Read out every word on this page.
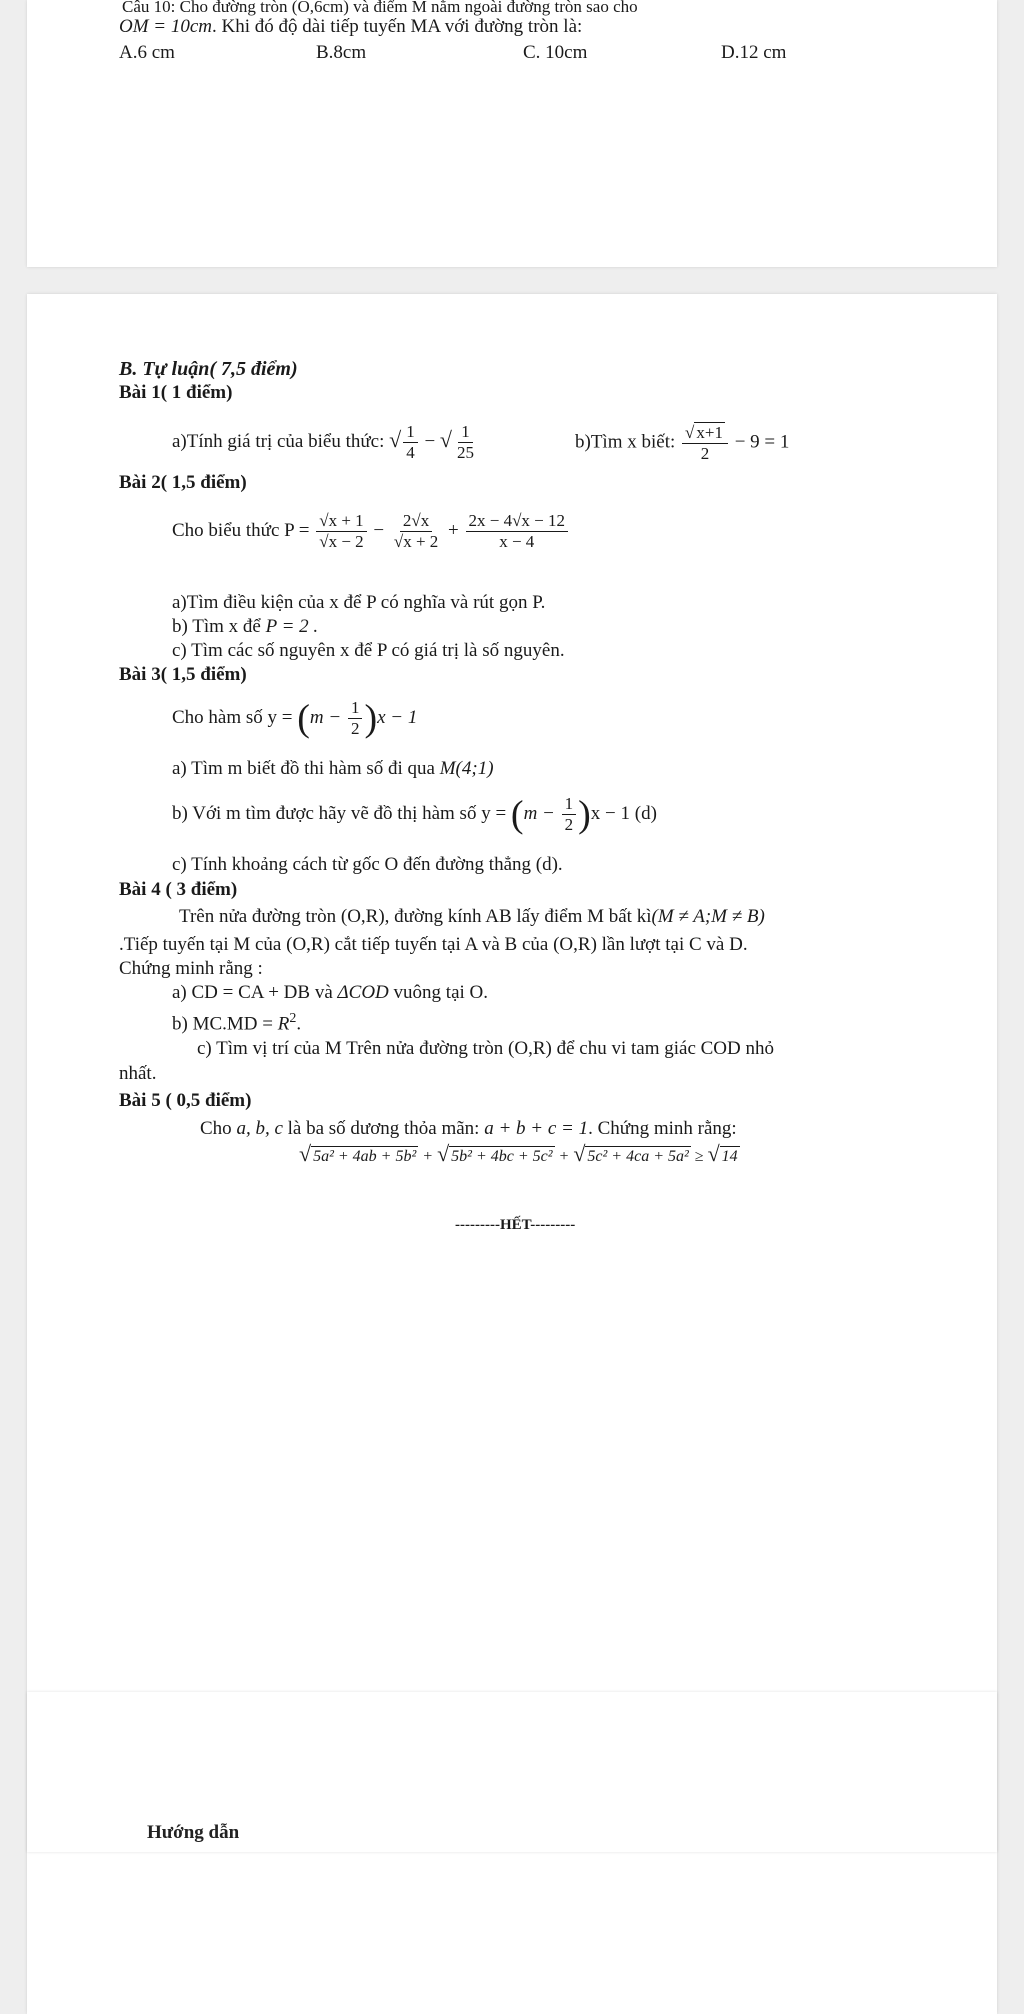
Câu 10: Cho đường tròn (O,6cm) và điểm M nằm ngoài đường tròn sao cho
OM = 10cm. Khi đó độ dài tiếp tuyến MA với đường tròn là:
A.6 cm	B.8cm	C. 10cm	D.12 cm
B. Tự luận( 7,5 điểm)
Bài 1( 1 điểm)
a)Tính giá trị của biểu thức: √ $\frac{1}{4}$ − √ $\frac{1}{25}$	b)Tìm x biết: $\frac{√ x+1}{2} - 9 = 1$
Bài 2( 1,5 điểm)
Cho biểu thức $P = \frac{√x + 1}{√x - 2} - \frac{2√x}{√x + 2} + \frac{2x - 4√x - 12}{x - 4}$
a)Tìm điều kiện của x để P có nghĩa và rút gọn P.
b) Tìm x để P = 2 .
c) Tìm các số nguyên x để P có giá trị là số nguyên.
Bài 3( 1,5 điểm)
Cho hàm số $y = (m - \frac{1}{2} )x - 1$
a) Tìm m biết đồ thi hàm số đi qua M(4;1)
b) Với m tìm được hãy vẽ đồ thị hàm số $y = (m - \frac{1}{2} )x - 1$ (d)
c) Tính khoảng cách từ gốc O đến đường thẳng (d).
Bài 4 ( 3 điểm)
Trên nửa đường tròn (O,R), đường kính AB lấy điểm M bất kì(M ≠ A;M ≠ B)
.Tiếp tuyến tại M của (O,R) cắt tiếp tuyến tại A và B của (O,R) lần lượt tại C và D.
Chứng minh rằng :
a) CD = CA + DB và ΔCOD vuông tại O.
b) $MC.MD = R^2$.
c) Tìm vị trí của M Trên nửa đường tròn (O,R) để chu vi tam giác COD nhỏ
nhất.
Bài 5 ( 0,5 điểm)
Cho a, b, c là ba số dương thỏa mãn: a + b + c = 1. Chứng minh rằng:
√ 5a² + 4ab + 5b² + √ 5b² + 4bc + 5c² + √ 5c² + 4ca + 5a² ≥ √ 14
---------HẾT---------
Hướng dẫn
